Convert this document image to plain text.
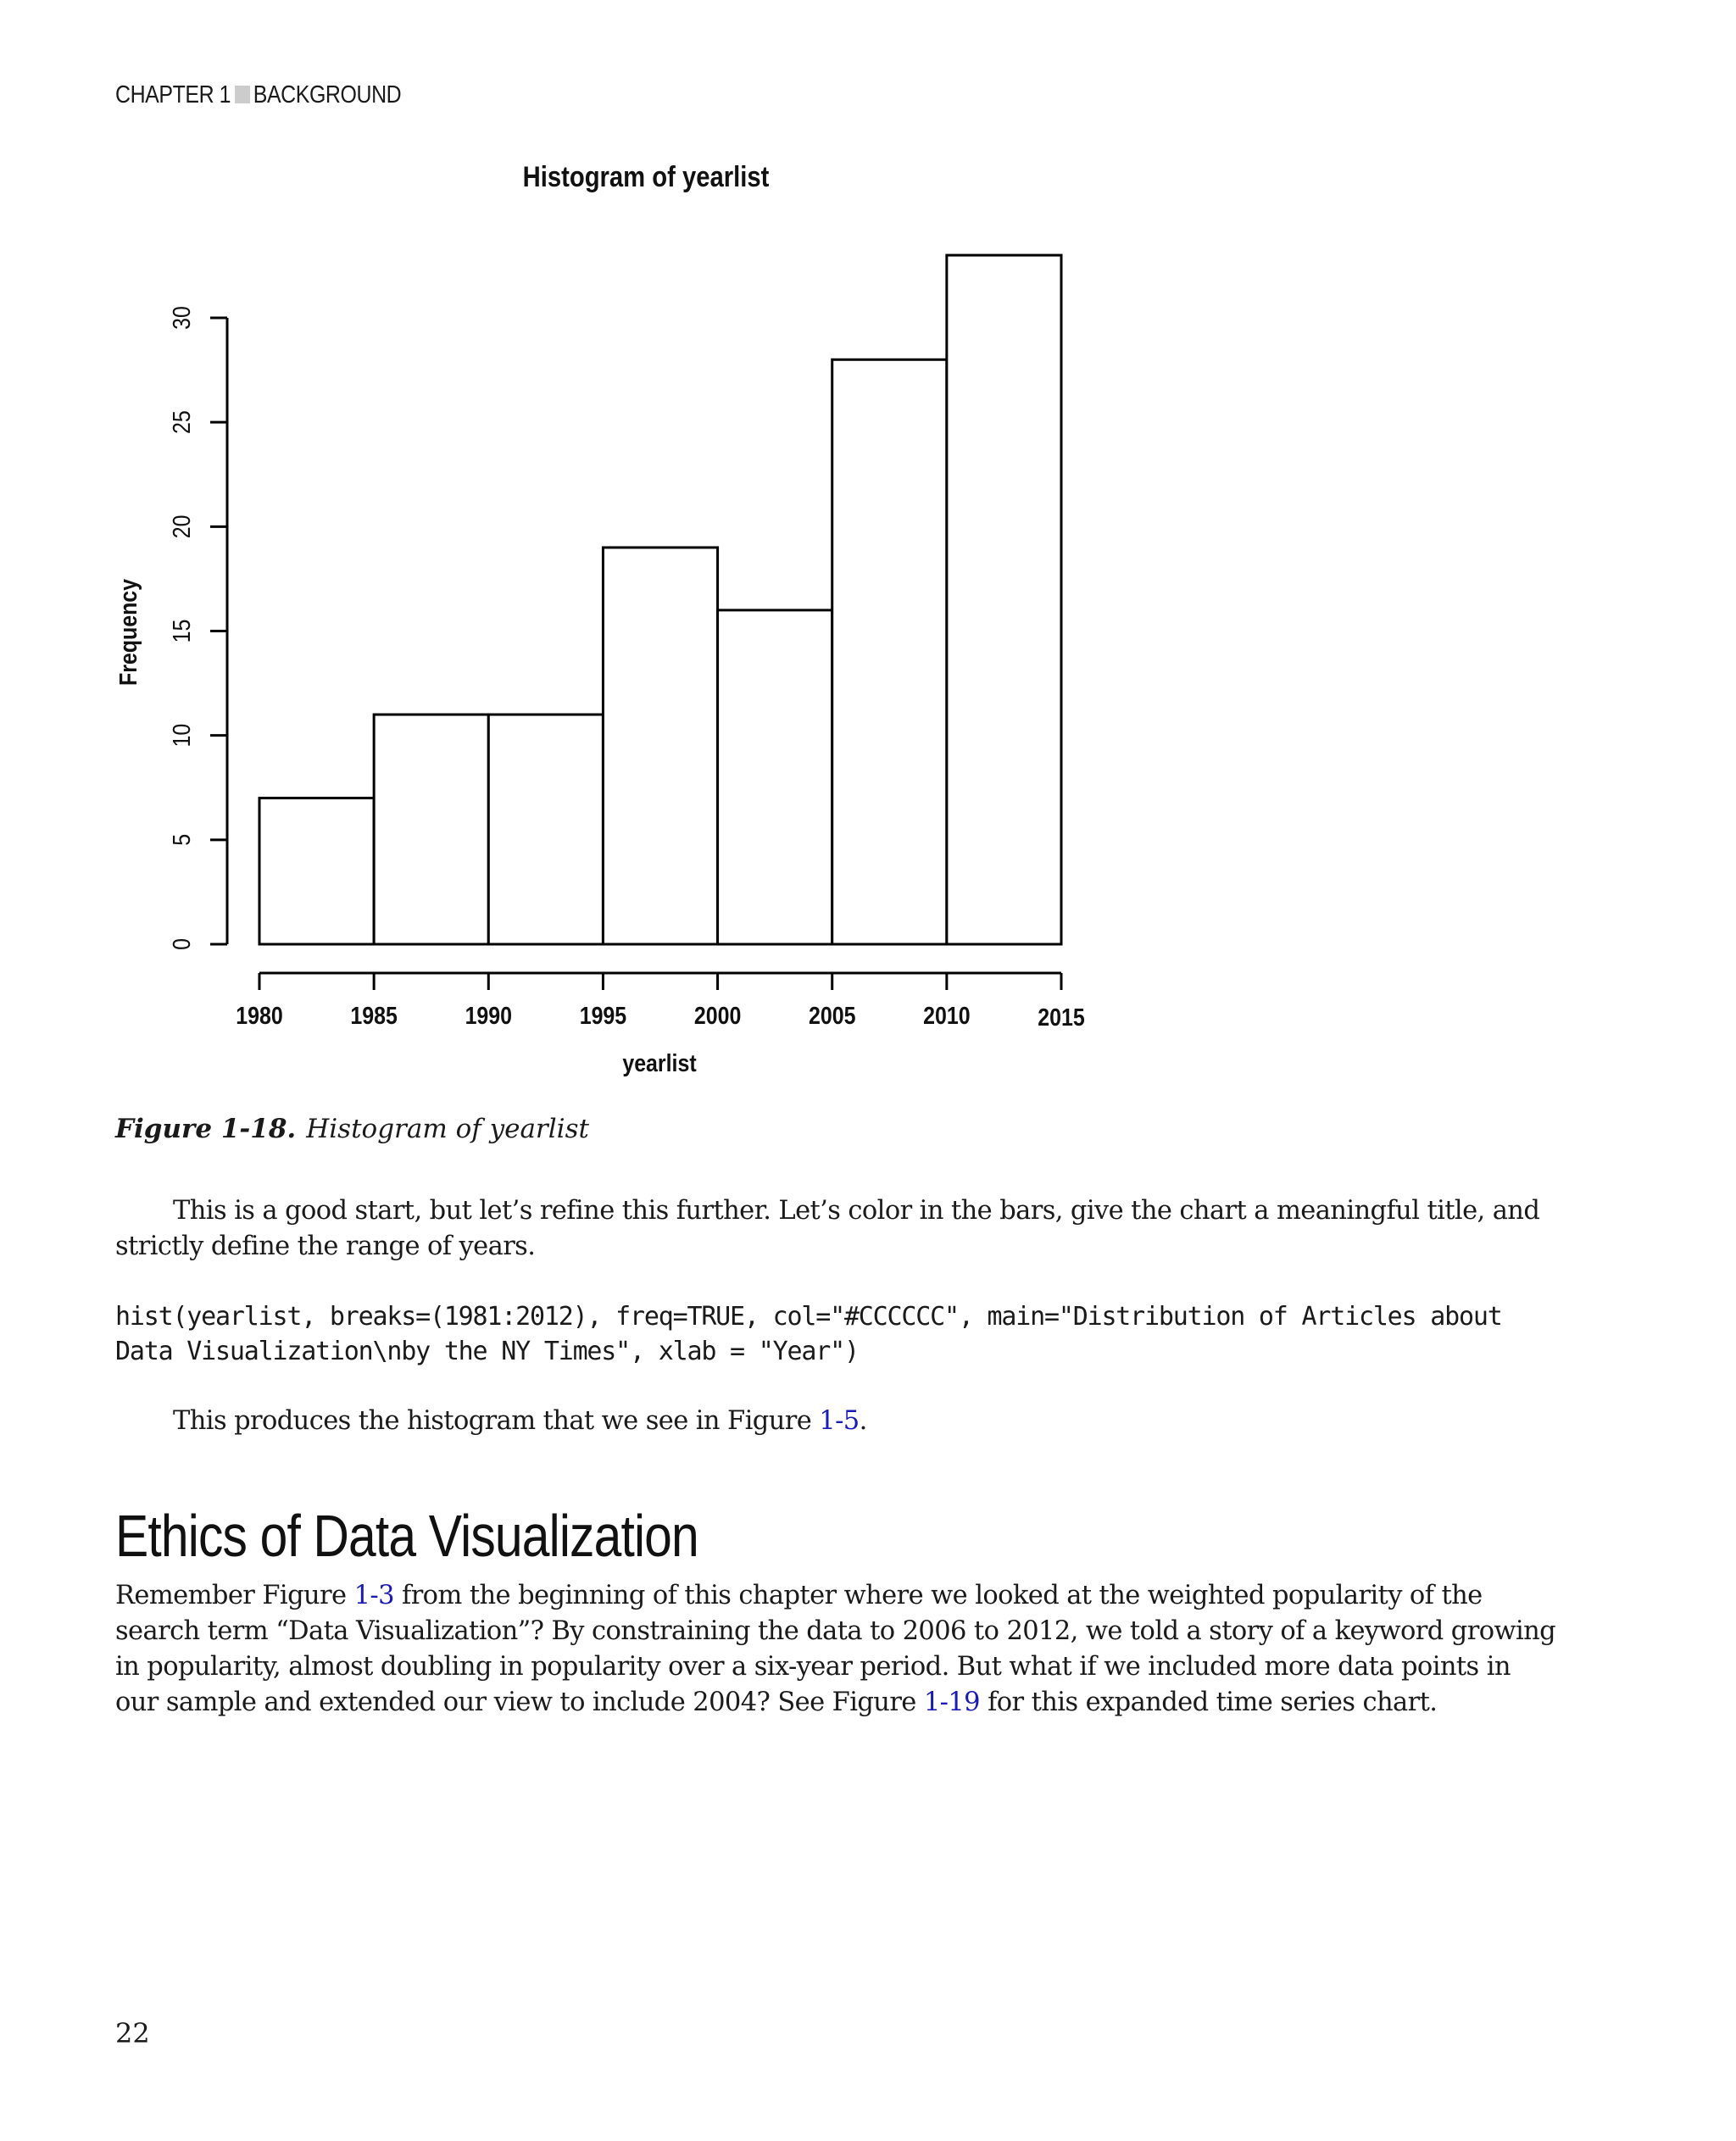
CHAPTER 1 BACKGROUND
Histogram of yearlist
0
5
10
15
20
25
30
1980	1985	1990	1995	2000	2005	2010	2015
Frequency
yearlist
Figure 1-18. Histogram of yearlist
This is a good start, but let’s refine this further. Let’s color in the bars, give the chart a meaningful title, and strictly define the range of years.
hist(yearlist, breaks=(1981:2012), freq=TRUE, col="#CCCCCC", main="Distribution of Articles about
Data Visualization\nby the NY Times", xlab = "Year")
This produces the histogram that we see in Figure 1-5.
Ethics of Data Visualization
Remember Figure 1-3 from the beginning of this chapter where we looked at the weighted popularity of the search term “Data Visualization”? By constraining the data to 2006 to 2012, we told a story of a keyword growing in popularity, almost doubling in popularity over a six-year period. But what if we included more data points in our sample and extended our view to include 2004? See Figure 1-19 for this expanded time series chart.
22
